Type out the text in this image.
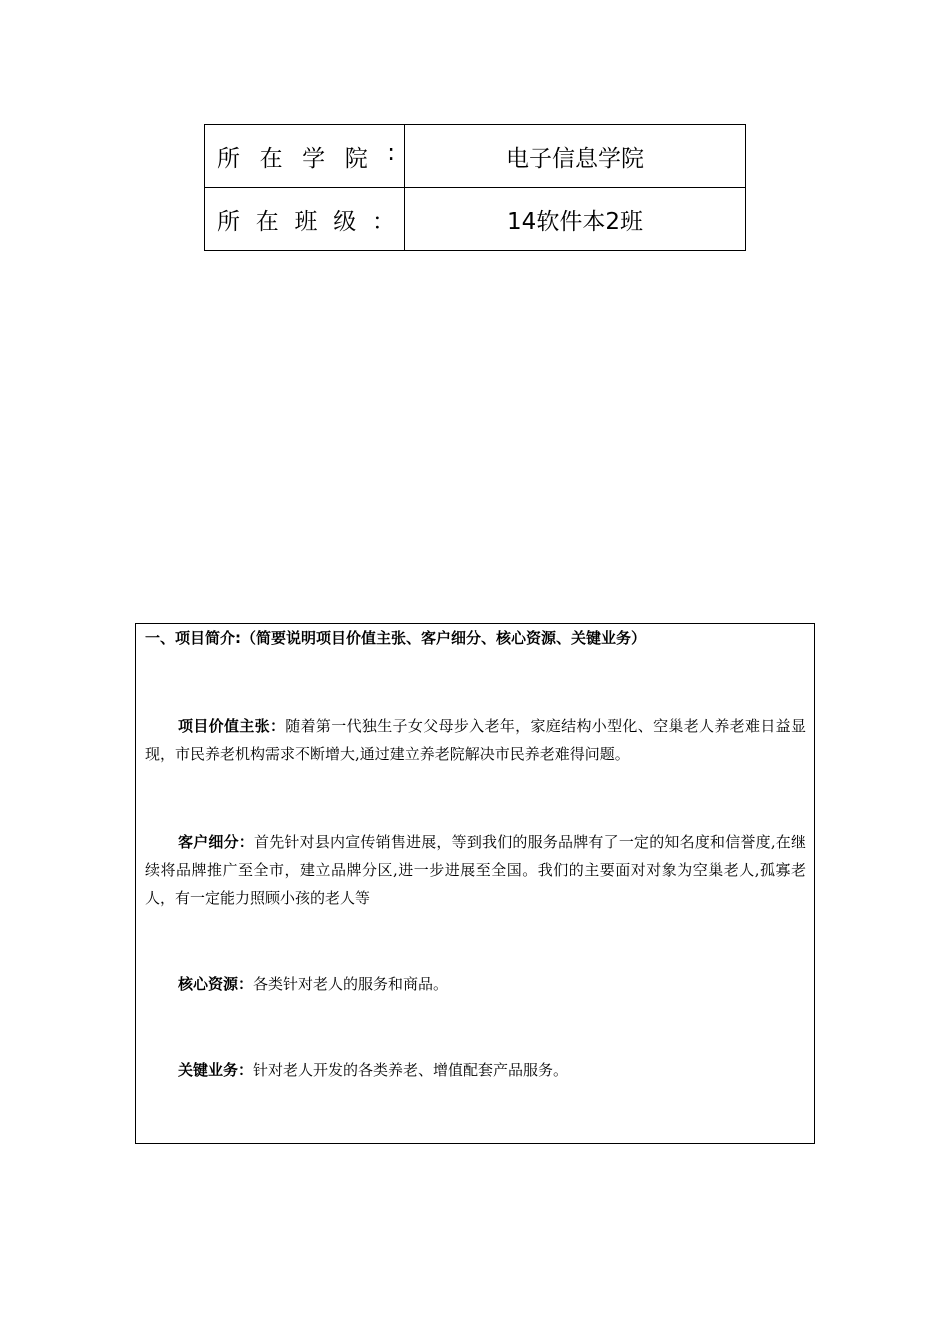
所 在 学 院 :	电子信息学院

所 在 班 级 ：	14软件本2班

一、项目简介:（简要说明项目价值主张、客户细分、核心资源、关键业务）

项目价值主张：随着第一代独生子女父母步入老年，家庭结构小型化、空巢老人养老难日益显现，市民养老机构需求不断增大,通过建立养老院解决市民养老难得问题。

客户细分：首先针对县内宣传销售进展，等到我们的服务品牌有了一定的知名度和信誉度,在继续将品牌推广至全市，建立品牌分区,进一步进展至全国。我们的主要面对对象为空巢老人,孤寡老人，有一定能力照顾小孩的老人等

核心资源：各类针对老人的服务和商品。

关键业务：针对老人开发的各类养老、增值配套产品服务。
